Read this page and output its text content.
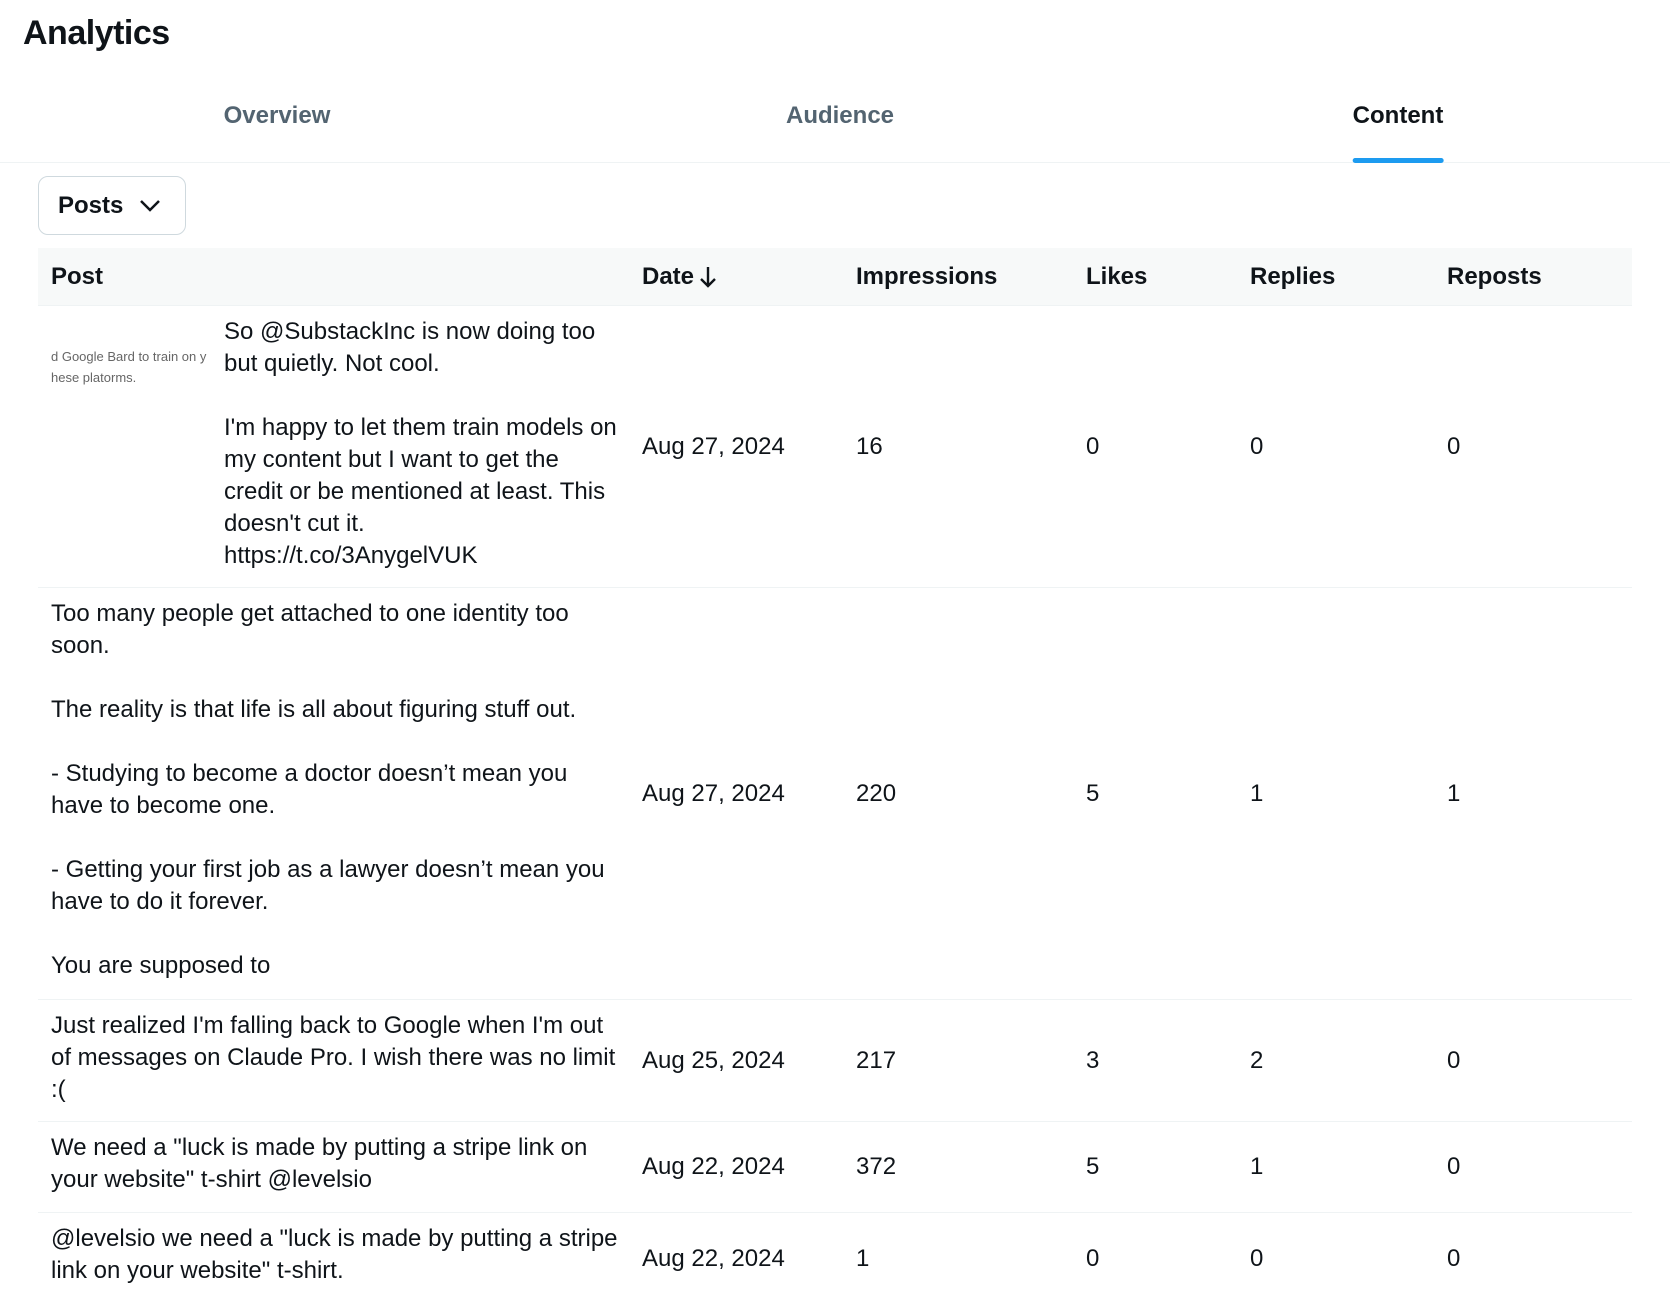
Analytics
Overview	Audience	Content
Posts
Post	Date	Impressions	Likes	Replies	Reposts
d Google Bard to train on y
hese platorms.
So @SubstackInc is now doing too but quietly. Not cool.

I'm happy to let them train models on my content but I want to get the credit or be mentioned at least. This doesn't cut it. https://t.co/3AnygelVUK
Aug 27, 2024	16	0	0	0
Too many people get attached to one identity too soon.

The reality is that life is all about figuring stuff out.

- Studying to become a doctor doesn’t mean you have to become one.

- Getting your first job as a lawyer doesn’t mean you have to do it forever.

You are supposed to
Aug 27, 2024	220	5	1	1
Just realized I'm falling back to Google when I'm out of messages on Claude Pro. I wish there was no limit :(
Aug 25, 2024	217	3	2	0
We need a "luck is made by putting a stripe link on your website" t-shirt @levelsio	Aug 22, 2024	372	5	1	0
@levelsio we need a "luck is made by putting a stripe link on your website" t-shirt.	Aug 22, 2024	1	0	0	0
